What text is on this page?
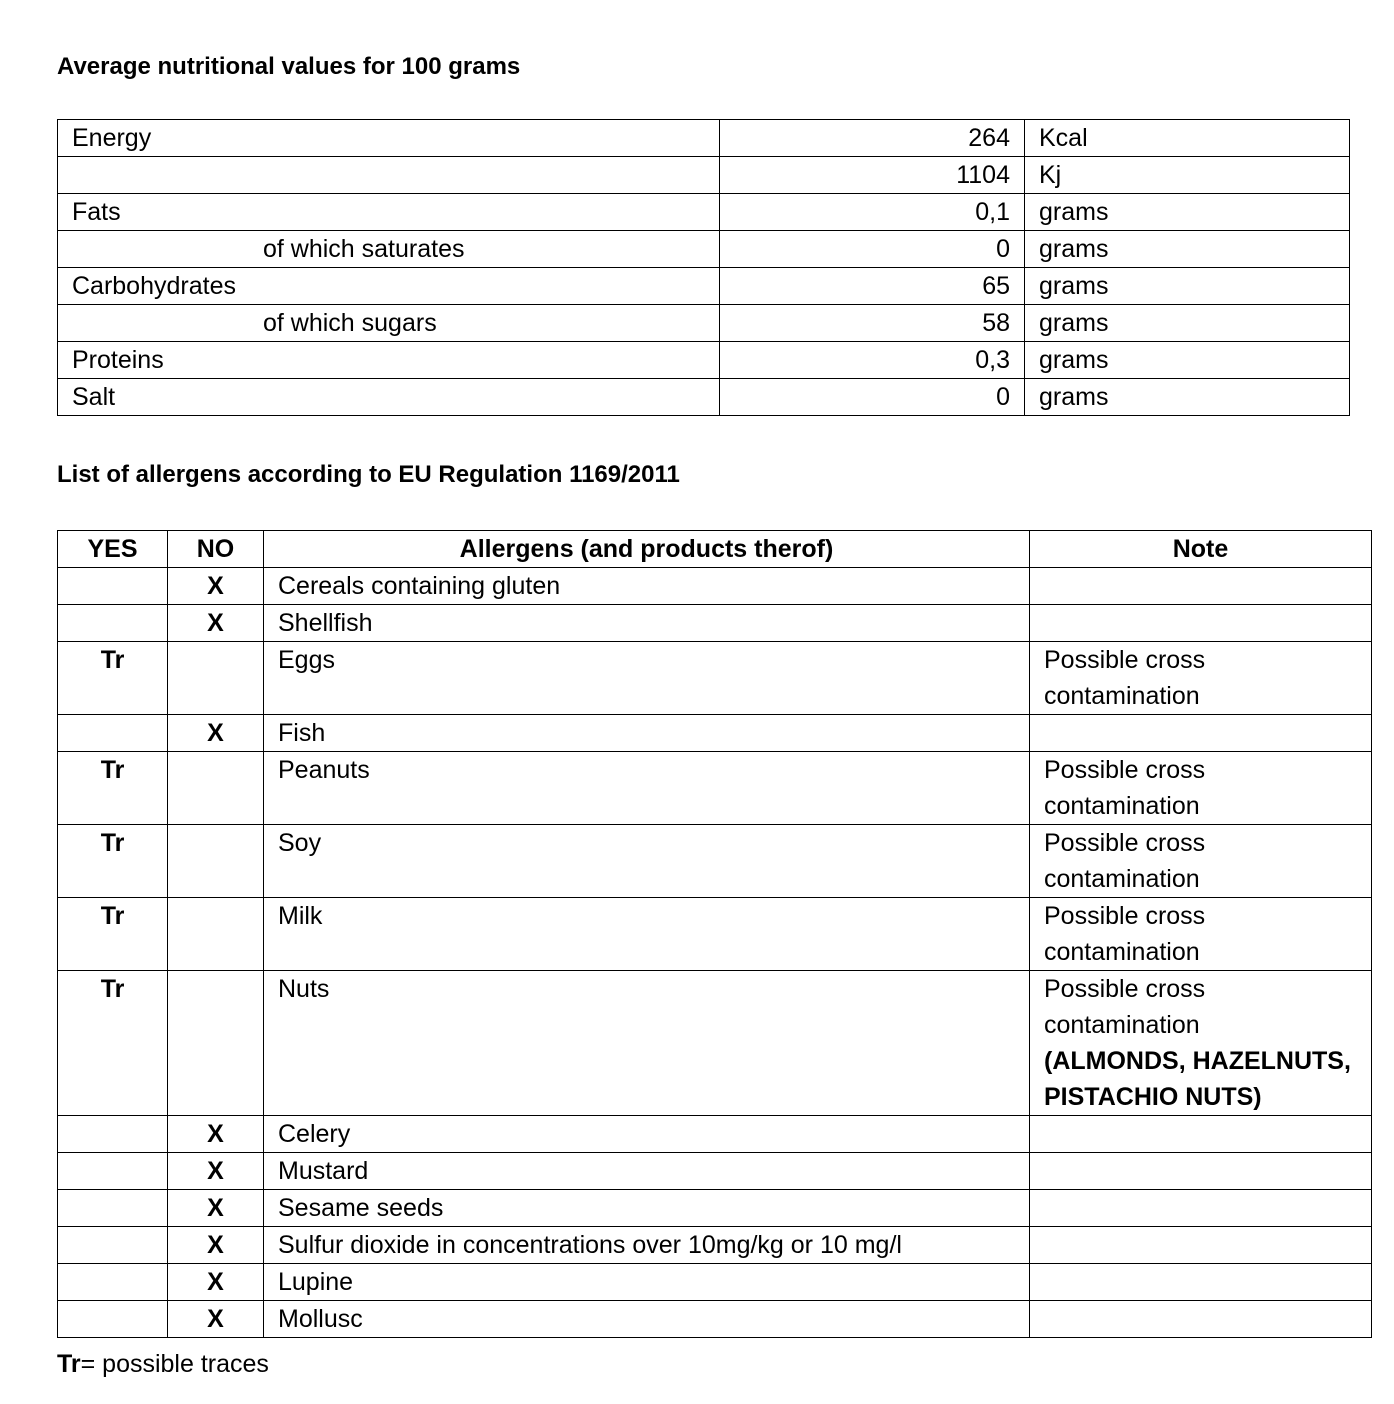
Average nutritional values for 100 grams
Energy	264	Kcal
	1104	Kj
Fats	0,1	grams
of which saturates	0	grams
Carbohydrates	65	grams
of which sugars	58	grams
Proteins	0,3	grams
Salt	0	grams
List of allergens according to EU Regulation 1169/2011
YES	NO	Allergens (and products therof)	Note
	X	Cereals containing gluten	
	X	Shellfish	
Tr		Eggs	Possible cross contamination
	X	Fish	
Tr		Peanuts	Possible cross contamination
Tr		Soy	Possible cross contamination
Tr		Milk	Possible cross contamination
Tr		Nuts	Possible cross contamination
(ALMONDS, HAZELNUTS, PISTACHIO NUTS)
	X	Celery	
	X	Mustard	
	X	Sesame seeds	
	X	Sulfur dioxide in concentrations over 10mg/kg or 10 mg/l	
	X	Lupine	
	X	Mollusc	

Tr= possible traces
